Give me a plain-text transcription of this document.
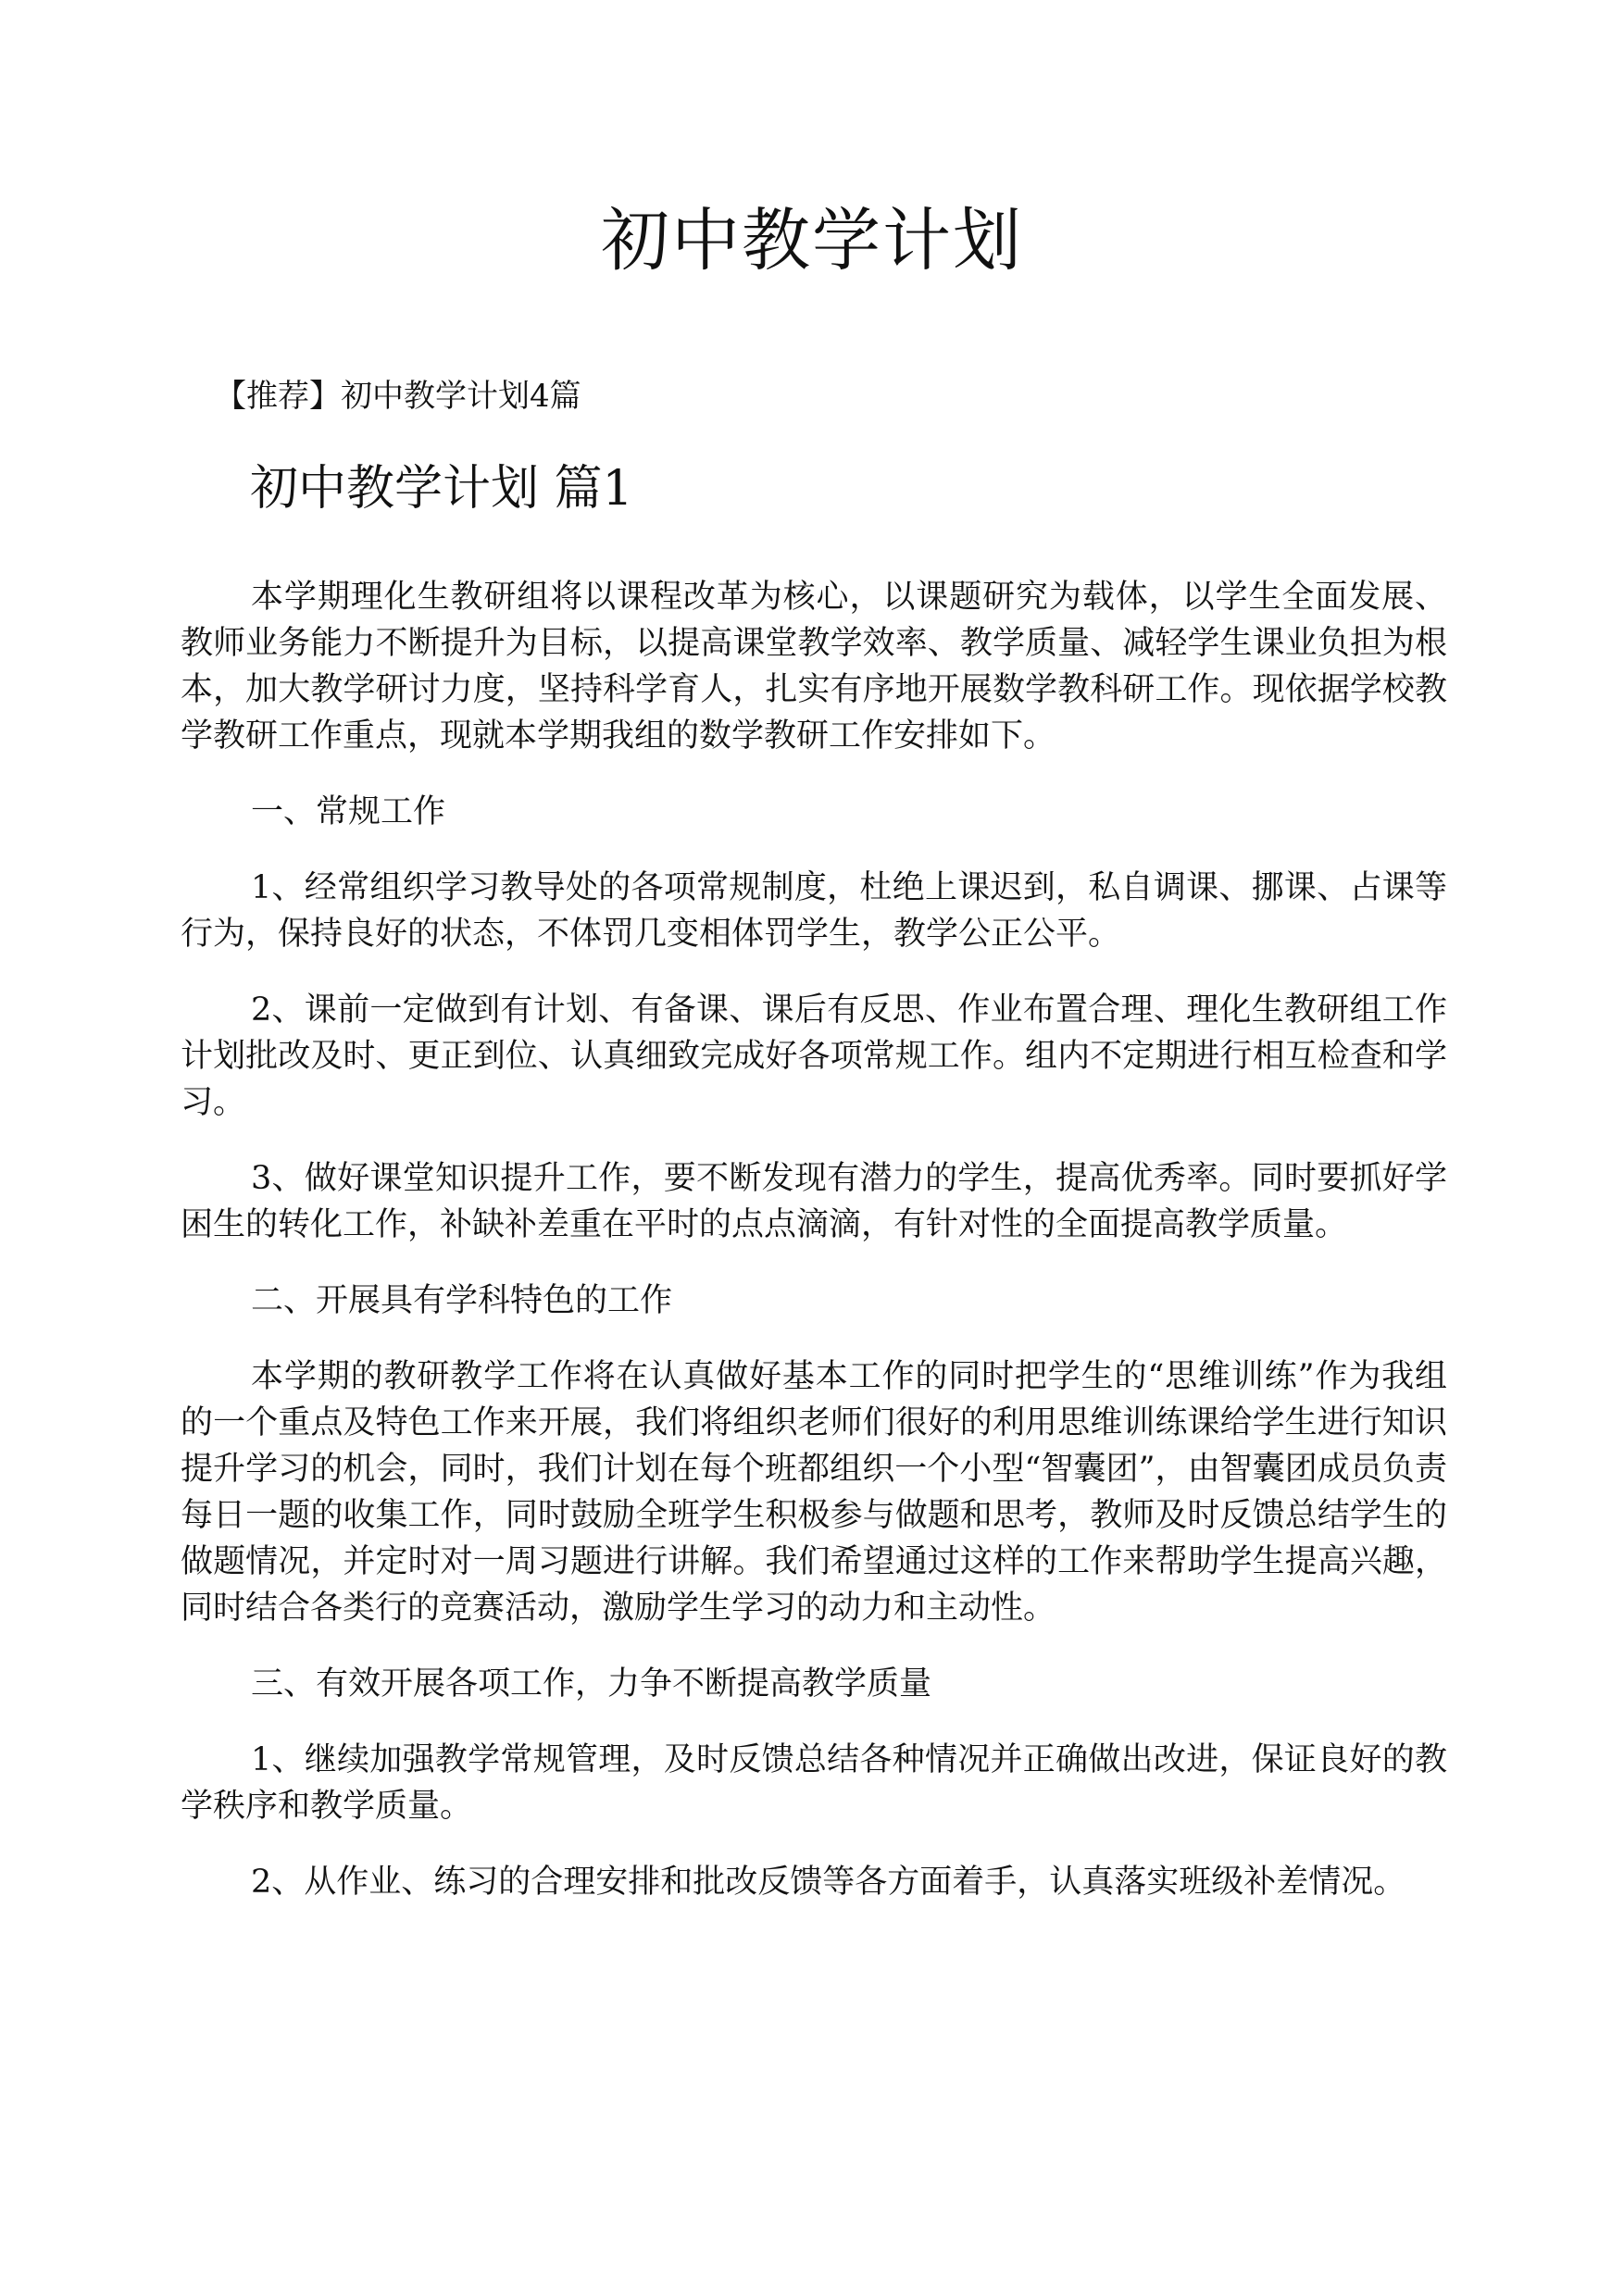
初中教学计划

【推荐】初中教学计划4篇

初中教学计划 篇1

本学期理化生教研组将以课程改革为核心，以课题研究为载体，以学生全面发展、教师业务能力不断提升为目标，以提高课堂教学效率、教学质量、减轻学生课业负担为根本，加大教学研讨力度，坚持科学育人，扎实有序地开展数学教科研工作。现依据学校教学教研工作重点，现就本学期我组的数学教研工作安排如下。

一、常规工作

1、经常组织学习教导处的各项常规制度，杜绝上课迟到，私自调课、挪课、占课等行为，保持良好的状态，不体罚几变相体罚学生，教学公正公平。

2、课前一定做到有计划、有备课、课后有反思、作业布置合理、理化生教研组工作计划批改及时、更正到位、认真细致完成好各项常规工作。组内不定期进行相互检查和学习。

3、做好课堂知识提升工作，要不断发现有潜力的学生，提高优秀率。同时要抓好学困生的转化工作，补缺补差重在平时的点点滴滴，有针对性的全面提高教学质量。

二、开展具有学科特色的工作

本学期的教研教学工作将在认真做好基本工作的同时把学生的“思维训练”作为我组的一个重点及特色工作来开展，我们将组织老师们很好的利用思维训练课给学生进行知识提升学习的机会，同时，我们计划在每个班都组织一个小型“智囊团”，由智囊团成员负责每日一题的收集工作，同时鼓励全班学生积极参与做题和思考，教师及时反馈总结学生的做题情况，并定时对一周习题进行讲解。我们希望通过这样的工作来帮助学生提高兴趣，同时结合各类行的竞赛活动，激励学生学习的动力和主动性。

三、有效开展各项工作，力争不断提高教学质量

1、继续加强教学常规管理，及时反馈总结各种情况并正确做出改进，保证良好的教学秩序和教学质量。

2、从作业、练习的合理安排和批改反馈等各方面着手，认真落实班级补差情况。
